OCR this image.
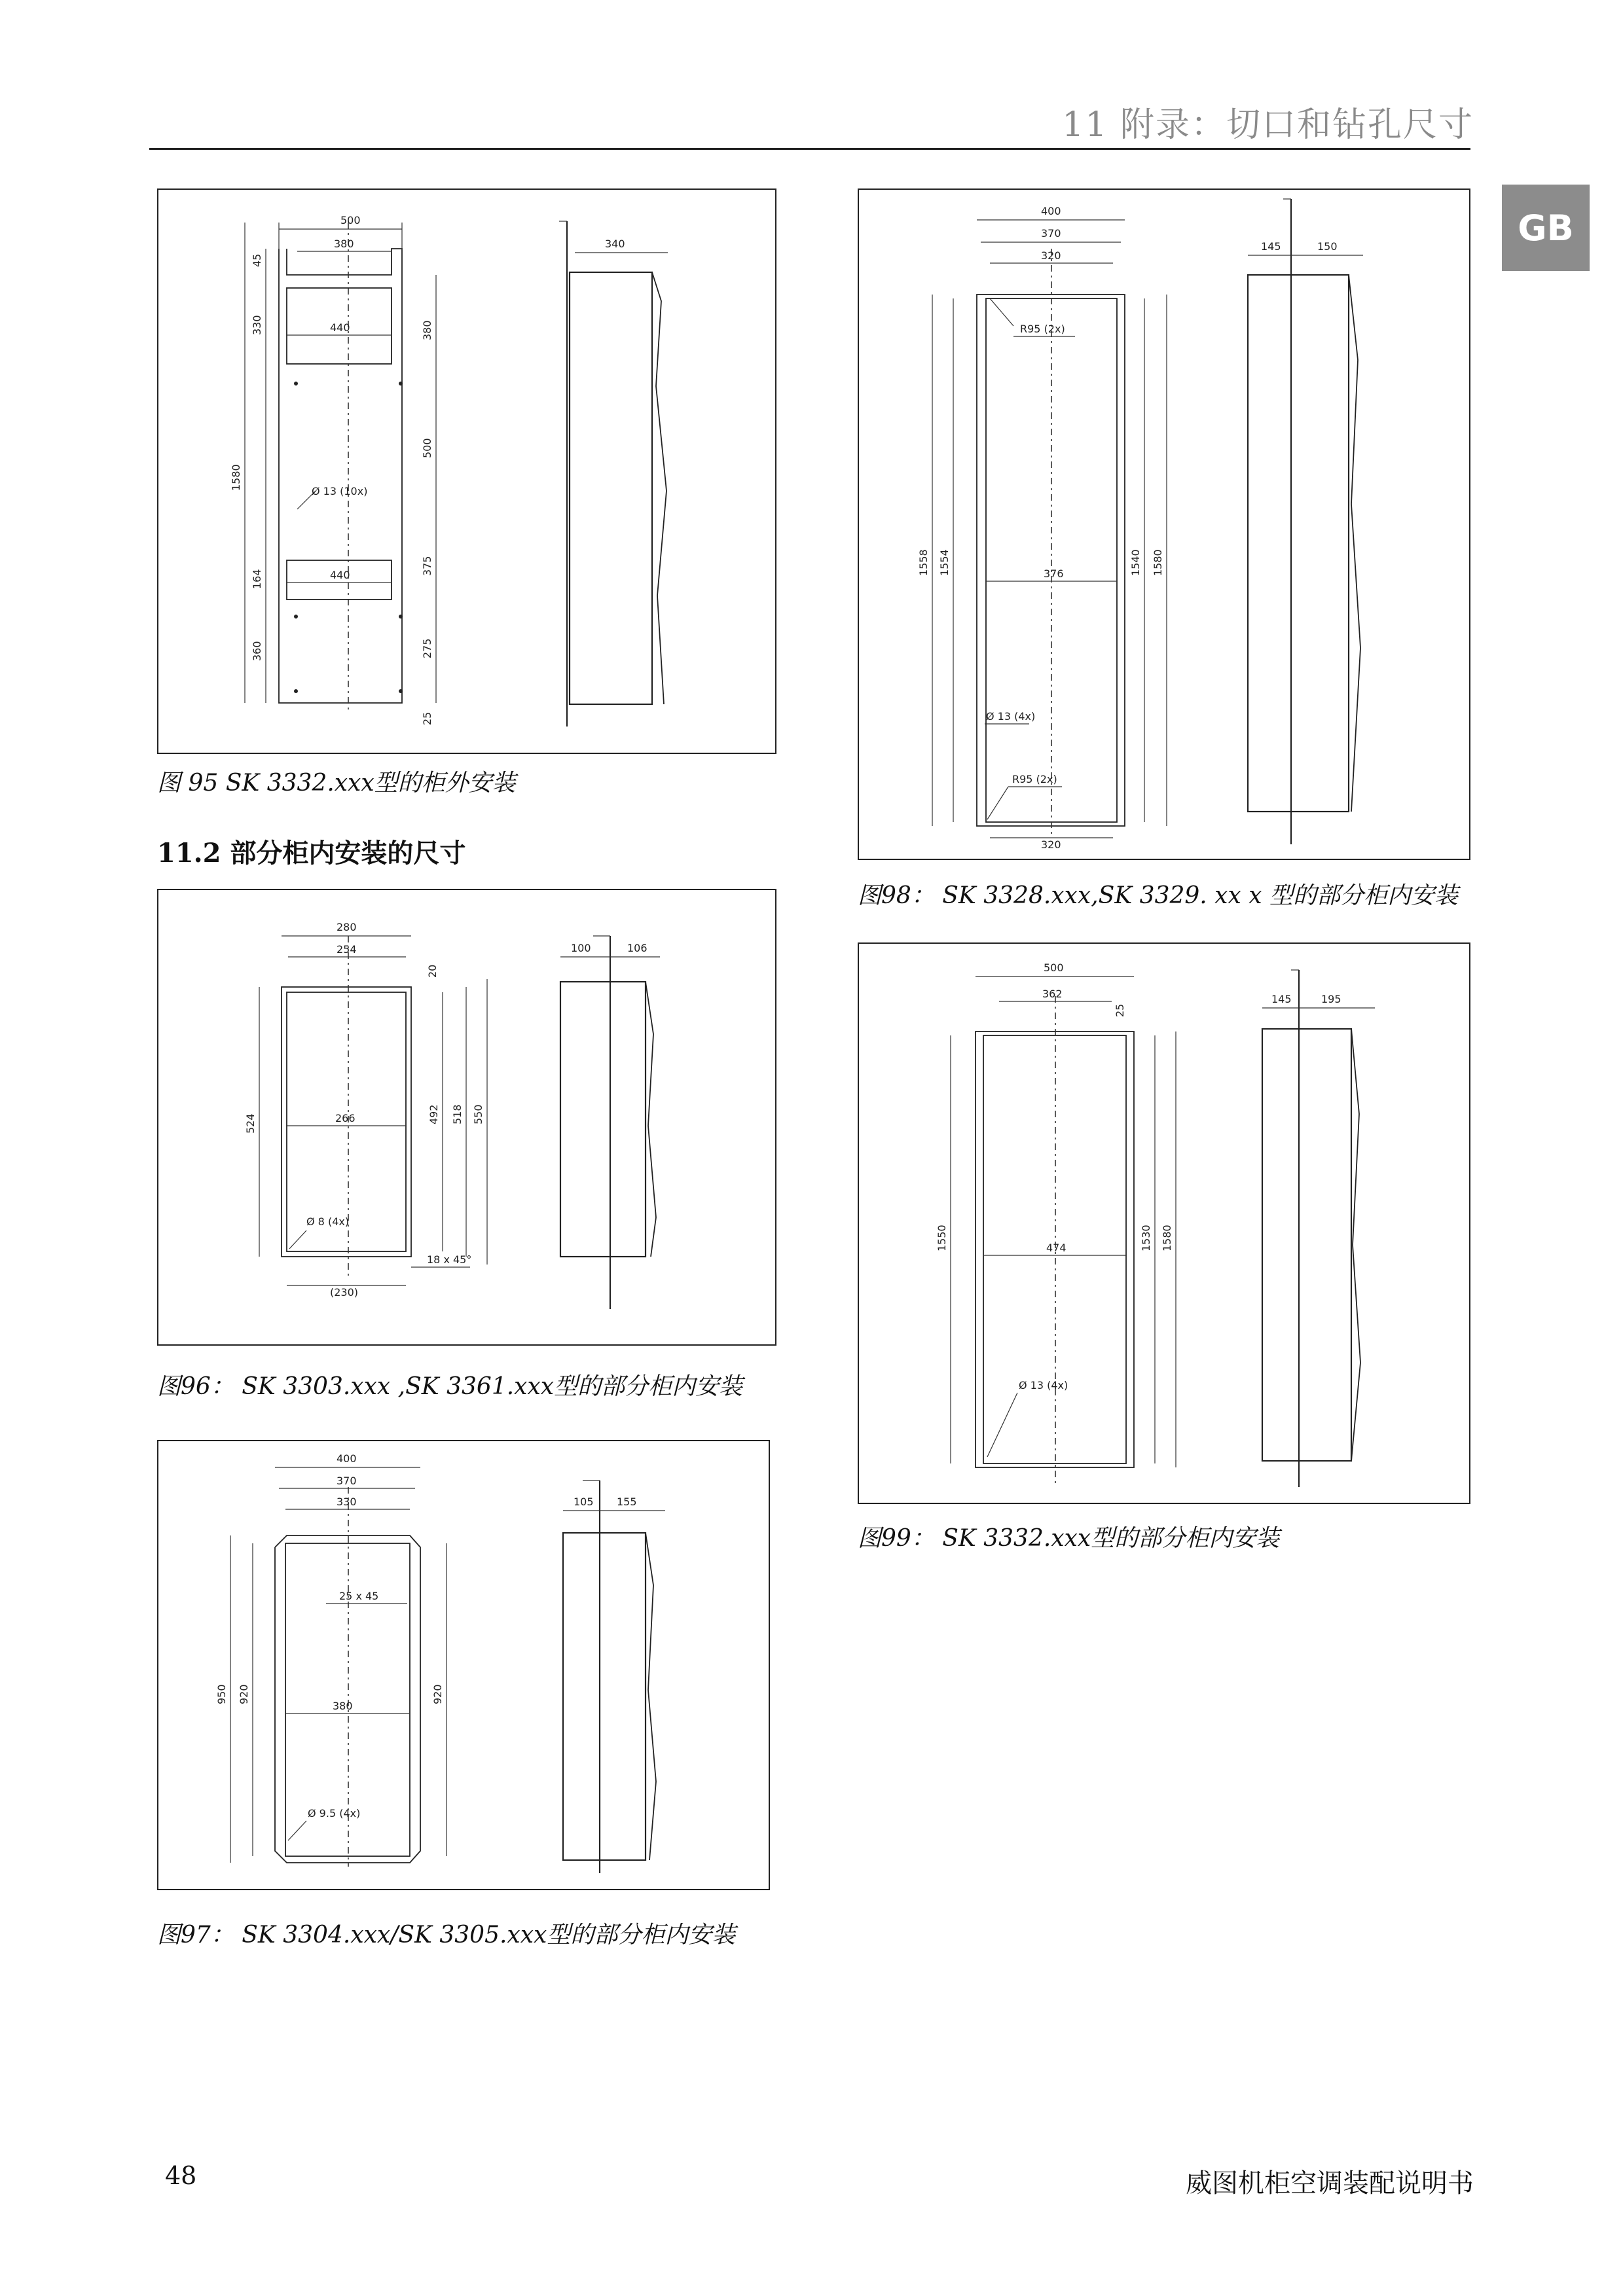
11 附录：切口和钻孔尺寸
GB
500
380
45
330
1580
164
360
440
440
380
500
375
275
25
Ø 13 (10x)
340
图 95 SK 3332.xxx型的柜外安装
11.2 部分柜内安装的尺寸
280
254
20
524	266	492 518 550
Ø 8 (4x)
18 x 45°
(230)
100	106
图96： SK 3303.xxx ,SK 3361.xxx型的部分柜内安装
400
370
330
25 x 45
950 920
380
920
Ø 9.5 (4x)
105 155
图97： SK 3304.xxx/SK 3305.xxx型的部分柜内安装
400
370
320
R95 (2x)
1558 1554	376	1540 1580
Ø 13 (4x)
R95 (2x)
320
145	150
图98： SK 3328.xxx,SK 3329. xx x 型的部分柜内安装
500
362
25
1550	474	1530 1580
Ø 13 (4x)
145	195
图99： SK 3332.xxx型的部分柜内安装
48	威图机柜空调装配说明书
